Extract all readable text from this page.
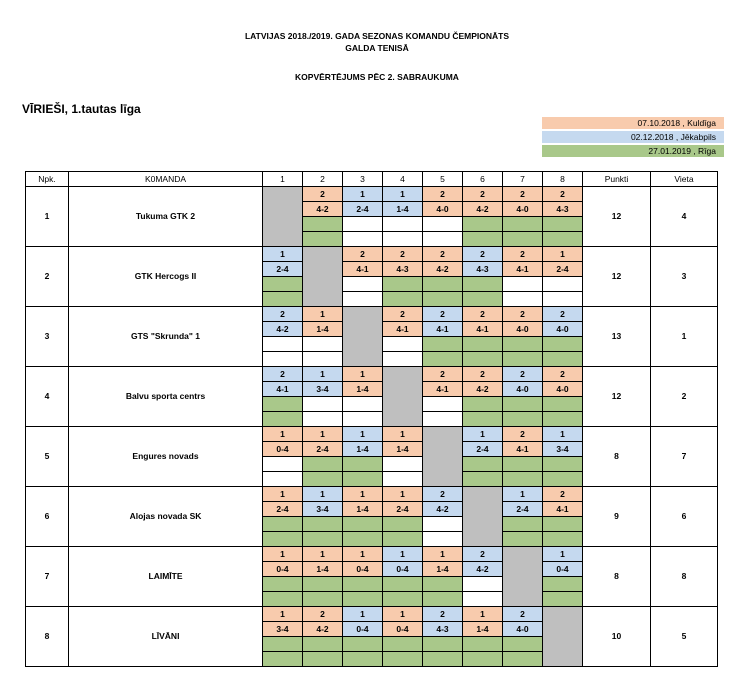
LATVIJAS 2018./2019. GADA SEZONAS KOMANDU ČEMPIONĀTS
GALDA TENISĀ
KOPVĒRTĒJUMS PĒC 2. SABRAUKUMA
VĪRIEŠI, 1.tautas līga
07.10.2018 , Kuldīga
02.12.2018 , Jēkabpils
27.01.2019 , Rīga
Npk.	K0MANDA	1	2	3	4	5	6	7	8	Punkti	Vieta
1	Tukuma GTK 2		2	1	1	2	2	2	2	12	4
			4-2	2-4	1-4	4-0	4-2	4-0	4-3		

2	GTK Hercogs II	1		2	2	2	2	2	1	12	3
		2-4		4-1	4-3	4-2	4-3	4-1	2-4		

3	GTS "Skrunda" 1	2	1		2	2	2	2	2	13	1
		4-2	1-4		4-1	4-1	4-1	4-0	4-0		

4	Balvu sporta centrs	2	1	1		2	2	2	2	12	2
		4-1	3-4	1-4		4-1	4-2	4-0	4-0		

5	Engures novads	1	1	1	1		1	2	1	8	7
		0-4	2-4	1-4	1-4		2-4	4-1	3-4		

6	Alojas novada SK	1	1	1	1	2		1	2	9	6
		2-4	3-4	1-4	2-4	4-2		2-4	4-1		

7	LAIMĪTE	1	1	1	1	1	2		1	8	8
		0-4	1-4	0-4	0-4	1-4	4-2		0-4		

8	LĪVĀNI	1	2	1	1	2	1	2		10	5
		3-4	4-2	0-4	0-4	4-3	1-4	4-0			
